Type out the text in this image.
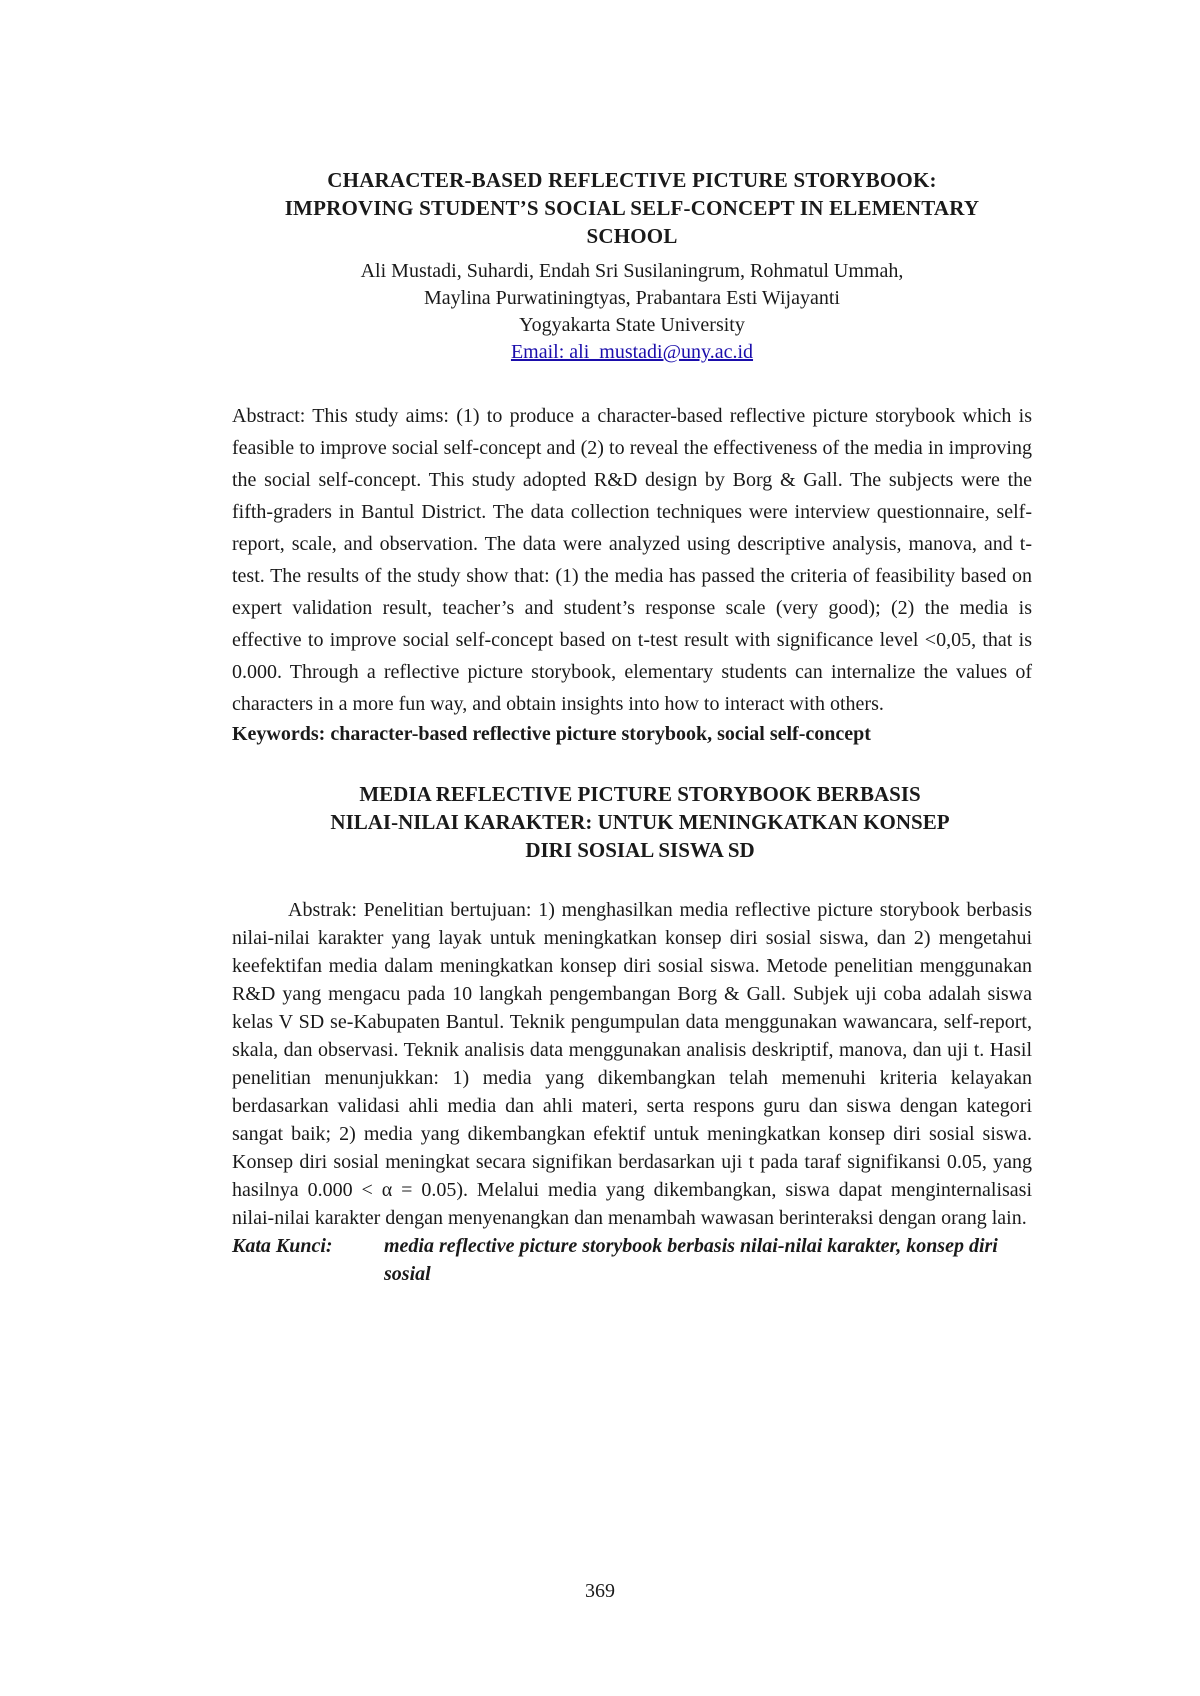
CHARACTER-BASED REFLECTIVE PICTURE STORYBOOK:
IMPROVING STUDENT’S SOCIAL SELF-CONCEPT IN ELEMENTARY
SCHOOL
Ali Mustadi, Suhardi, Endah Sri Susilaningrum, Rohmatul Ummah,
Maylina Purwatiningtyas, Prabantara Esti Wijayanti
Yogyakarta State University
Email: ali_mustadi@uny.ac.id
Abstract: This study aims: (1) to produce a character-based reflective picture storybook which is feasible to improve social self-concept and (2) to reveal the effectiveness of the media in improving the social self-concept. This study adopted R&D design by Borg & Gall. The subjects were the fifth-graders in Bantul District. The data collection techniques were interview questionnaire, self-report, scale, and observation. The data were analyzed using descriptive analysis, manova, and t-test. The results of the study show that: (1) the media has passed the criteria of feasibility based on expert validation result, teacher’s and student’s response scale (very good); (2) the media is effective to improve social self-concept based on t-test result with significance level <0,05, that is 0.000. Through a reflective picture storybook, elementary students can internalize the values of characters in a more fun way, and obtain insights into how to interact with others.
Keywords: character-based reflective picture storybook, social self-concept
MEDIA REFLECTIVE PICTURE STORYBOOK BERBASIS
NILAI-NILAI KARAKTER: UNTUK MENINGKATKAN KONSEP
DIRI SOSIAL SISWA SD
Abstrak: Penelitian bertujuan: 1) menghasilkan media reflective picture storybook berbasis nilai-nilai karakter yang layak untuk meningkatkan konsep diri sosial siswa, dan 2) mengetahui keefektifan media dalam meningkatkan konsep diri sosial siswa. Metode penelitian menggunakan R&D yang mengacu pada 10 langkah pengembangan Borg & Gall. Subjek uji coba adalah siswa kelas V SD se-Kabupaten Bantul. Teknik pengumpulan data menggunakan wawancara, self-report, skala, dan observasi. Teknik analisis data menggunakan analisis deskriptif, manova, dan uji t. Hasil penelitian menunjukkan: 1) media yang dikembangkan telah memenuhi kriteria kelayakan berdasarkan validasi ahli media dan ahli materi, serta respons guru dan siswa dengan kategori sangat baik; 2) media yang dikembangkan efektif untuk meningkatkan konsep diri sosial siswa. Konsep diri sosial meningkat secara signifikan berdasarkan uji t pada taraf signifikansi 0.05, yang hasilnya 0.000 < α = 0.05). Melalui media yang dikembangkan, siswa dapat menginternalisasi nilai-nilai karakter dengan menyenangkan dan menambah wawasan berinteraksi dengan orang lain.
Kata Kunci:	media reflective picture storybook berbasis nilai-nilai karakter, konsep diri sosial
369
